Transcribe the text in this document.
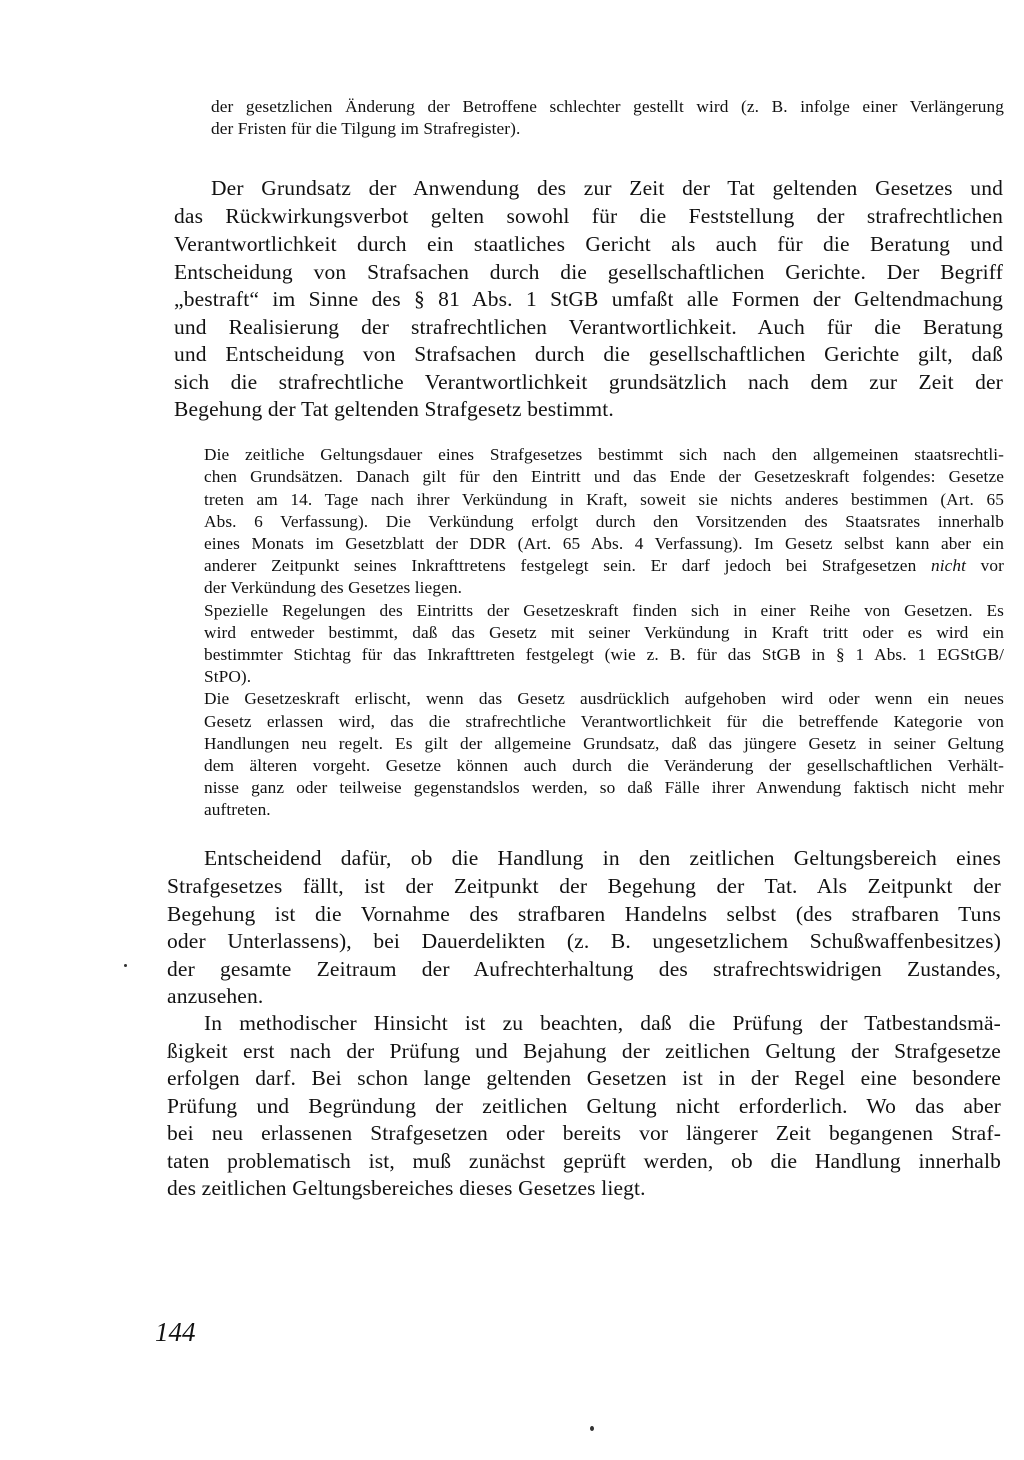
der gesetzlichen Änderung der Betroffene schlechter gestellt wird (z. B. infolge einer Verlängerung

der Fristen für die Tilgung im Strafregister).

Der Grundsatz der Anwendung des zur Zeit der Tat geltenden Gesetzes und

das Rückwirkungsverbot gelten sowohl für die Feststellung der strafrechtlichen

Verantwortlichkeit durch ein staatliches Gericht als auch für die Beratung und

Entscheidung von Strafsachen durch die gesellschaftlichen Gerichte. Der Begriff

„bestraft“ im Sinne des § 81 Abs. 1 StGB umfaßt alle Formen der Geltendmachung

und Realisierung der strafrechtlichen Verantwortlichkeit. Auch für die Beratung

und Entscheidung von Strafsachen durch die gesellschaftlichen Gerichte gilt, daß

sich die strafrechtliche Verantwortlichkeit grundsätzlich nach dem zur Zeit der

Begehung der Tat geltenden Strafgesetz bestimmt.

Die zeitliche Geltungsdauer eines Strafgesetzes bestimmt sich nach den allgemeinen staatsrechtli-

chen Grundsätzen. Danach gilt für den Eintritt und das Ende der Gesetzeskraft folgendes: Gesetze

treten am 14. Tage nach ihrer Verkündung in Kraft, soweit sie nichts anderes bestimmen (Art. 65

Abs. 6 Verfassung). Die Verkündung erfolgt durch den Vorsitzenden des Staatsrates innerhalb

eines Monats im Gesetzblatt der DDR (Art. 65 Abs. 4 Verfassung). Im Gesetz selbst kann aber ein

anderer Zeitpunkt seines Inkrafttretens festgelegt sein. Er darf jedoch bei Strafgesetzen nicht vor

der Verkündung des Gesetzes liegen.

Spezielle Regelungen des Eintritts der Gesetzeskraft finden sich in einer Reihe von Gesetzen. Es

wird entweder bestimmt, daß das Gesetz mit seiner Verkündung in Kraft tritt oder es wird ein

bestimmter Stichtag für das Inkrafttreten festgelegt (wie z. B. für das StGB in § 1 Abs. 1 EGStGB/

StPO).

Die Gesetzeskraft erlischt, wenn das Gesetz ausdrücklich aufgehoben wird oder wenn ein neues

Gesetz erlassen wird, das die strafrechtliche Verantwortlichkeit für die betreffende Kategorie von

Handlungen neu regelt. Es gilt der allgemeine Grundsatz, daß das jüngere Gesetz in seiner Geltung

dem älteren vorgeht. Gesetze können auch durch die Veränderung der gesellschaftlichen Verhält-

nisse ganz oder teilweise gegenstandslos werden, so daß Fälle ihrer Anwendung faktisch nicht mehr

auftreten.

Entscheidend dafür, ob die Handlung in den zeitlichen Geltungsbereich eines

Strafgesetzes fällt, ist der Zeitpunkt der Begehung der Tat. Als Zeitpunkt der

Begehung ist die Vornahme des strafbaren Handelns selbst (des strafbaren Tuns

oder Unterlassens), bei Dauerdelikten (z. B. ungesetzlichem Schußwaffenbesitzes)

der gesamte Zeitraum der Aufrechterhaltung des strafrechtswidrigen Zustandes,

anzusehen.

In methodischer Hinsicht ist zu beachten, daß die Prüfung der Tatbestandsmä-

ßigkeit erst nach der Prüfung und Bejahung der zeitlichen Geltung der Strafgesetze

erfolgen darf. Bei schon lange geltenden Gesetzen ist in der Regel eine besondere

Prüfung und Begründung der zeitlichen Geltung nicht erforderlich. Wo das aber

bei neu erlassenen Strafgesetzen oder bereits vor längerer Zeit begangenen Straf-

taten problematisch ist, muß zunächst geprüft werden, ob die Handlung innerhalb

des zeitlichen Geltungsbereiches dieses Gesetzes liegt.

144
